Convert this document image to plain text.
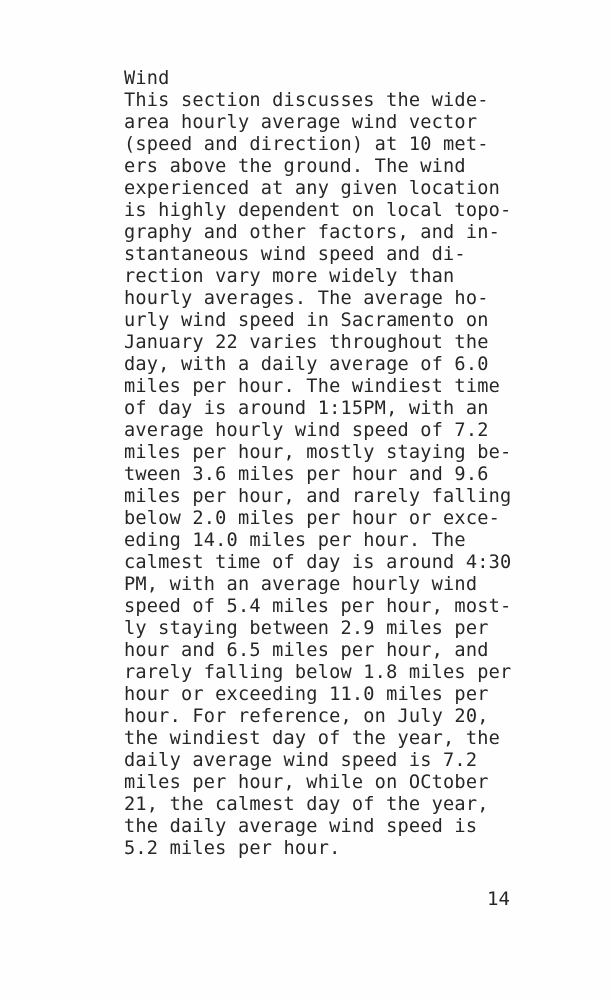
Wind
This section discusses the wide-
area hourly average wind vector
(speed and direction) at 10 met-
ers above the ground. The wind
experienced at any given location
is highly dependent on local topo-
graphy and other factors, and in-
stantaneous wind speed and di-
rection vary more widely than
hourly averages. The average ho-
urly wind speed in Sacramento on
January 22 varies throughout the
day, with a daily average of 6.0
miles per hour. The windiest time
of day is around 1:15PM, with an
average hourly wind speed of 7.2
miles per hour, mostly staying be-
tween 3.6 miles per hour and 9.6
miles per hour, and rarely falling
below 2.0 miles per hour or exce-
eding 14.0 miles per hour. The
calmest time of day is around 4:30
PM, with an average hourly wind
speed of 5.4 miles per hour, most-
ly staying between 2.9 miles per
hour and 6.5 miles per hour, and
rarely falling below 1.8 miles per
hour or exceeding 11.0 miles per
hour. For reference, on July 20,
the windiest day of the year, the
daily average wind speed is 7.2
miles per hour, while on OCtober
21, the calmest day of the year,
the daily average wind speed is
5.2 miles per hour.
14
